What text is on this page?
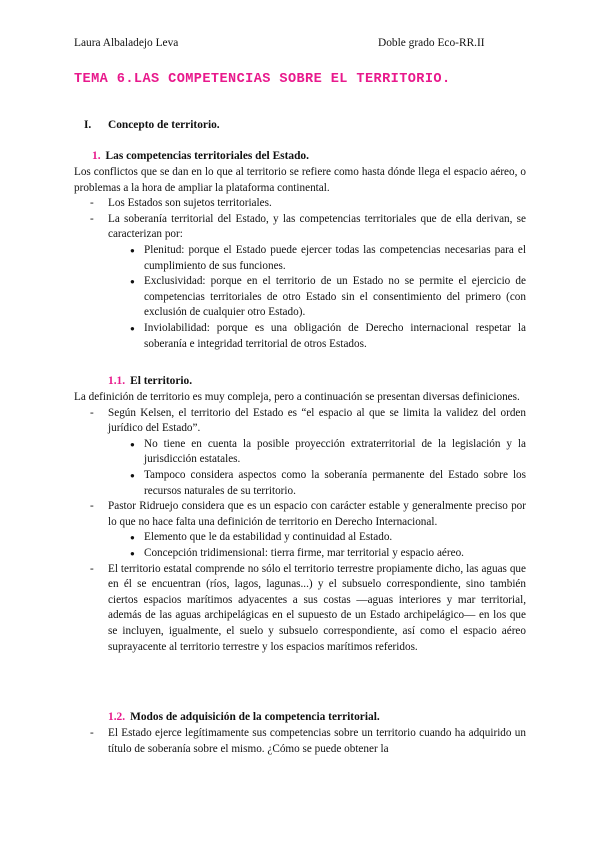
Laura Albaladejo Leva	Doble grado Eco-RR.II
TEMA 6.LAS COMPETENCIAS SOBRE EL TERRITORIO.
I. Concepto de territorio.
1. Las competencias territoriales del Estado.

Los conflictos que se dan en lo que al territorio se refiere como hasta dónde llega el espacio aéreo, o problemas a la hora de ampliar la plataforma continental.

- Los Estados son sujetos territoriales.
- La soberanía territorial del Estado, y las competencias territoriales que de ella derivan, se caracterizan por:
● Plenitud: porque el Estado puede ejercer todas las competencias necesarias para el cumplimiento de sus funciones.
● Exclusividad: porque en el territorio de un Estado no se permite el ejercicio de competencias territoriales de otro Estado sin el consentimiento del primero (con exclusión de cualquier otro Estado).
● Inviolabilidad: porque es una obligación de Derecho internacional respetar la soberanía e integridad territorial de otros Estados.
1.1. El territorio.

La definición de territorio es muy compleja, pero a continuación se presentan diversas definiciones.

- Según Kelsen, el territorio del Estado es “el espacio al que se limita la validez del orden jurídico del Estado”.
● No tiene en cuenta la posible proyección extraterritorial de la legislación y la jurisdicción estatales.
● Tampoco considera aspectos como la soberanía permanente del Estado sobre los recursos naturales de su territorio.
- Pastor Ridruejo considera que es un espacio con carácter estable y generalmente preciso por lo que no hace falta una definición de territorio en Derecho Internacional.
● Elemento que le da estabilidad y continuidad al Estado.
● Concepción tridimensional: tierra firme, mar territorial y espacio aéreo.
- El territorio estatal comprende no sólo el territorio terrestre propiamente dicho, las aguas que en él se encuentran (ríos, lagos, lagunas...) y el subsuelo correspondiente, sino también ciertos espacios marítimos adyacentes a sus costas —aguas interiores y mar territorial, además de las aguas archipelágicas en el supuesto de un Estado archipelágico— en los que se incluyen, igualmente, el suelo y subsuelo correspondiente, así como el espacio aéreo suprayacente al territorio terrestre y los espacios marítimos referidos.
1.2. Modos de adquisición de la competencia territorial.
- El Estado ejerce legítimamente sus competencias sobre un territorio cuando ha adquirido un título de soberanía sobre el mismo. ¿Cómo se puede obtener la
